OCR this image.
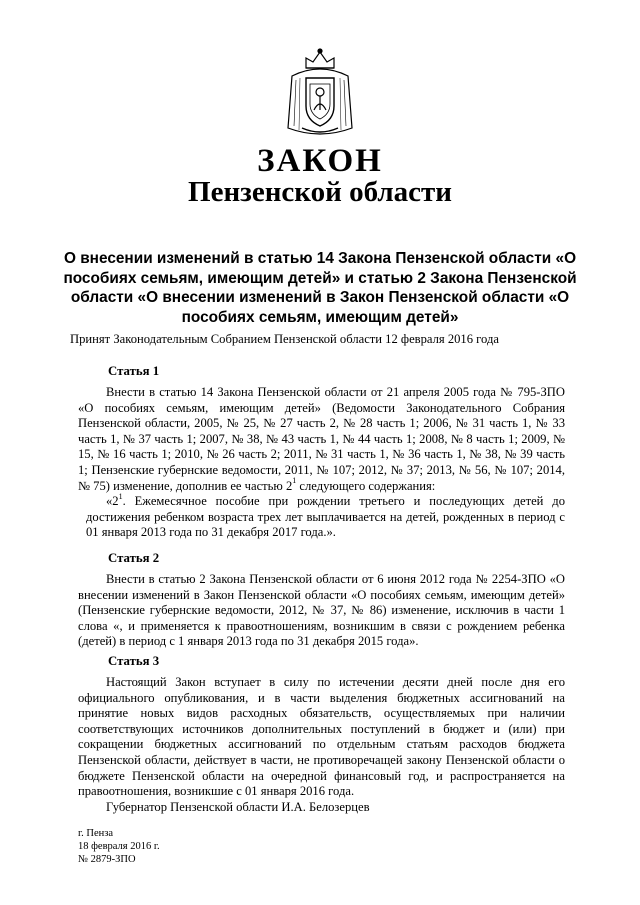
ЗАКОН
Пензенской области
О внесении изменений в статью 14 Закона Пензенской области «О пособиях семьям, имеющим детей» и статью 2 Закона Пензенской области «О внесении изменений в Закон Пензенской области «О пособиях семьям, имеющим детей»
Принят Законодательным Собранием Пензенской области 12 февраля 2016 года
Статья 1
Внести в статью 14 Закона Пензенской области от 21 апреля 2005 года № 795-ЗПО «О пособиях семьям, имеющим детей» (Ведомости Законодательного Собрания Пензенской области, 2005, № 25, № 27 часть 2, № 28 часть 1; 2006, № 31 часть 1, № 33 часть 1, № 37 часть 1; 2007, № 38, № 43 часть 1, № 44 часть 1; 2008, № 8 часть 1; 2009, № 15, № 16 часть 1; 2010, № 26 часть 2; 2011, № 31 часть 1, № 36 часть 1, № 38, № 39 часть 1; Пензенские губернские ведомости, 2011, № 107; 2012, № 37; 2013, № 56, № 107; 2014, № 75) изменение, дополнив ее частью $2^1$ следующего содержания:
«$2^1$. Ежемесячное пособие при рождении третьего и последующих детей до достижения ребенком возраста трех лет выплачивается на детей, рожденных в период с 01 января 2013 года по 31 декабря 2017 года.».
Статья 2
Внести в статью 2 Закона Пензенской области от 6 июня 2012 года № 2254-ЗПО «О внесении изменений в Закон Пензенской области «О пособиях семьям, имеющим детей» (Пензенские губернские ведомости, 2012, № 37, № 86) изменение, исключив в части 1 слова «, и применяется к правоотношениям, возникшим в связи с рождением ребенка (детей) в период с 1 января 2013 года по 31 декабря 2015 года».
Статья 3
Настоящий Закон вступает в силу по истечении десяти дней после дня его официального опубликования, и в части выделения бюджетных ассигнований на принятие новых видов расходных обязательств, осуществляемых при наличии соответствующих источников дополнительных поступлений в бюджет и (или) при сокращении бюджетных ассигнований по отдельным статьям расходов бюджета Пензенской области, действует в части, не противоречащей закону Пензенской области о бюджете Пензенской области на очередной финансовый год, и распространяется на правоотношения, возникшие с 01 января 2016 года.
Губернатор Пензенской области И.А. Белозерцев
г. Пенза
18 февраля 2016 г.
№ 2879-ЗПО
